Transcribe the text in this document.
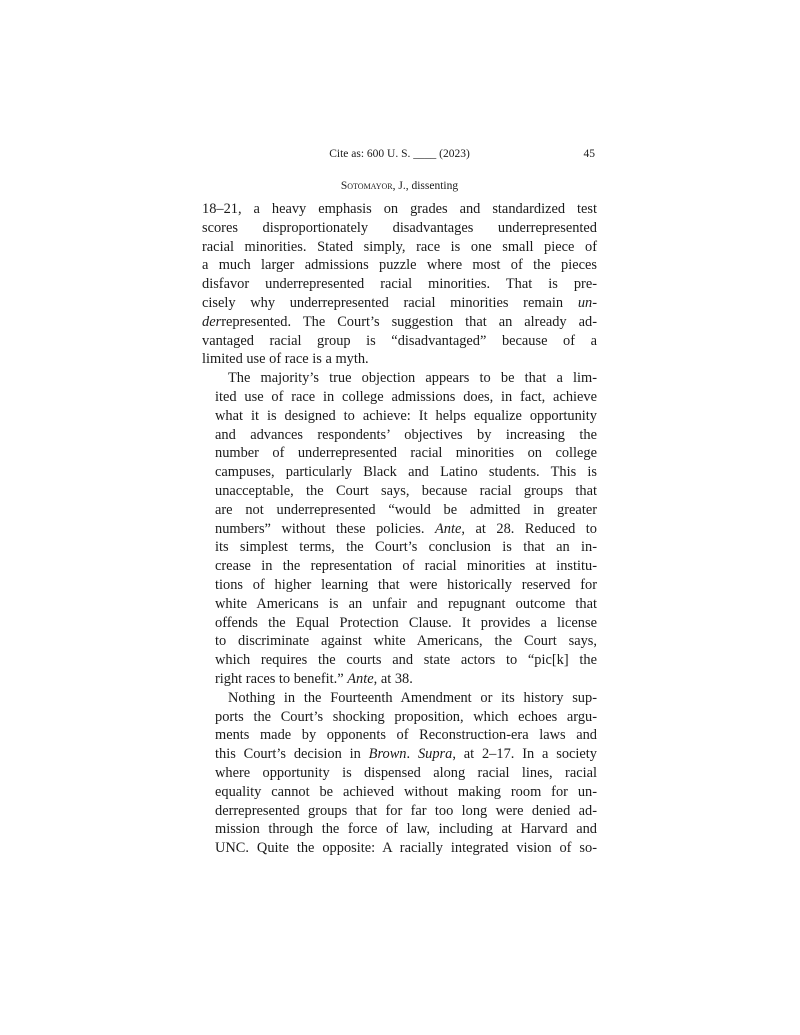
Cite as: 600 U. S. ____ (2023)	45
Sotomayor, J., dissenting

18–21, a heavy emphasis on grades and standardized test
scores disproportionately disadvantages underrepresented
racial minorities. Stated simply, race is one small piece of
a much larger admissions puzzle where most of the pieces
disfavor underrepresented racial minorities. That is pre-
cisely why underrepresented racial minorities remain un-
derrepresented. The Court’s suggestion that an already ad-
vantaged racial group is “disadvantaged” because of a
limited use of race is a myth.

The majority’s true objection appears to be that a lim-
ited use of race in college admissions does, in fact, achieve
what it is designed to achieve: It helps equalize opportunity
and advances respondents’ objectives by increasing the
number of underrepresented racial minorities on college
campuses, particularly Black and Latino students. This is
unacceptable, the Court says, because racial groups that
are not underrepresented “would be admitted in greater
numbers” without these policies. Ante, at 28. Reduced to
its simplest terms, the Court’s conclusion is that an in-
crease in the representation of racial minorities at institu-
tions of higher learning that were historically reserved for
white Americans is an unfair and repugnant outcome that
offends the Equal Protection Clause. It provides a license
to discriminate against white Americans, the Court says,
which requires the courts and state actors to “pic[k] the
right races to benefit.” Ante, at 38.

Nothing in the Fourteenth Amendment or its history sup-
ports the Court’s shocking proposition, which echoes argu-
ments made by opponents of Reconstruction-era laws and
this Court’s decision in Brown. Supra, at 2–17. In a society
where opportunity is dispensed along racial lines, racial
equality cannot be achieved without making room for un-
derrepresented groups that for far too long were denied ad-
mission through the force of law, including at Harvard and
UNC. Quite the opposite: A racially integrated vision of so-
